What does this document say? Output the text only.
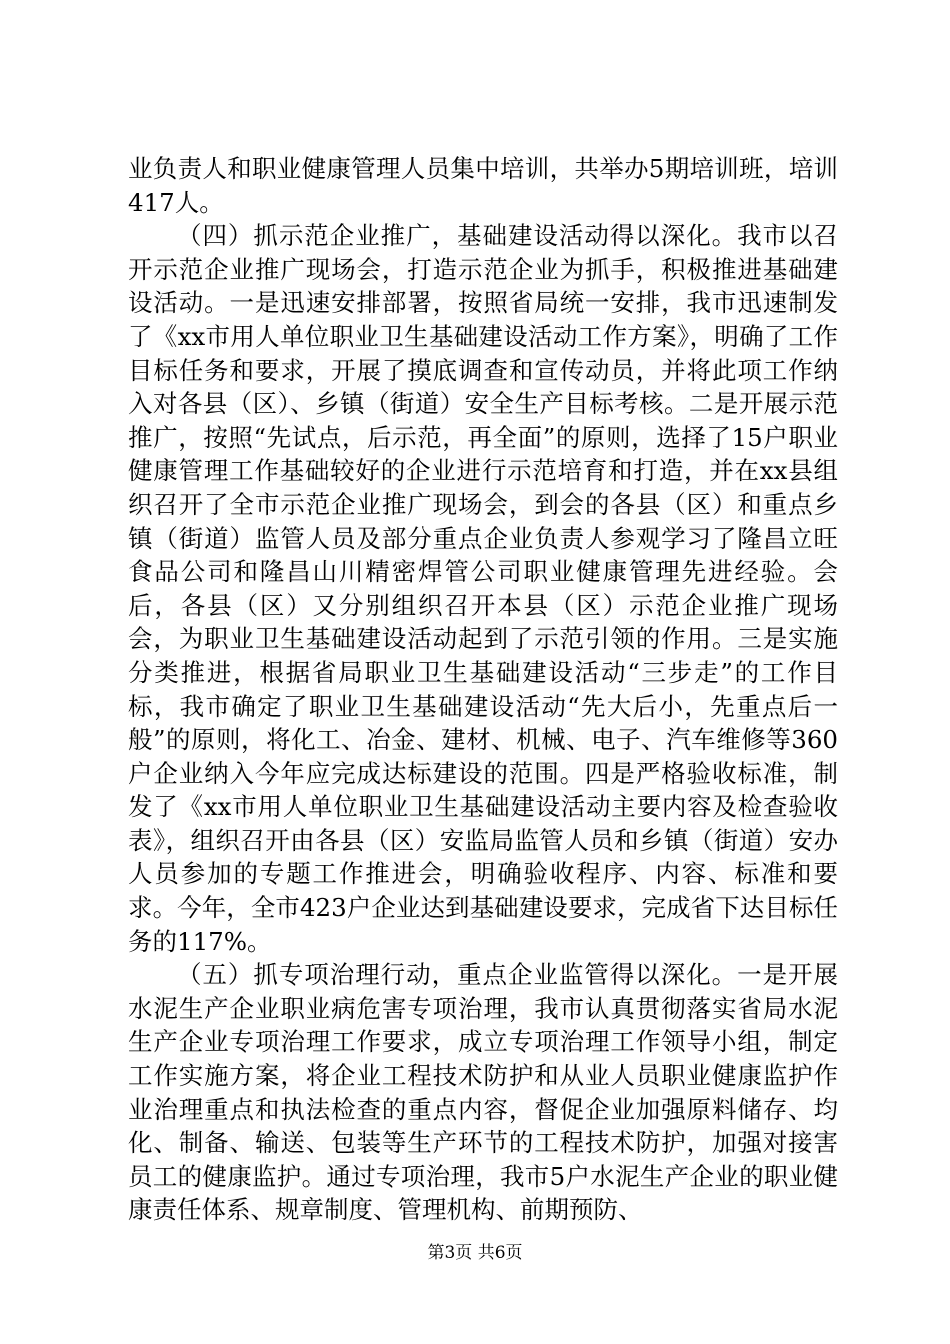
业负责人和职业健康管理人员集中培训，共举办5期培训班，培训417人。

（四）抓示范企业推广，基础建设活动得以深化。我市以召开示范企业推广现场会，打造示范企业为抓手，积极推进基础建设活动。一是迅速安排部署，按照省局统一安排，我市迅速制发了《xx市用人单位职业卫生基础建设活动工作方案》，明确了工作目标任务和要求，开展了摸底调查和宣传动员，并将此项工作纳入对各县（区）、乡镇（街道）安全生产目标考核。二是开展示范推广，按照“先试点，后示范，再全面”的原则，选择了15户职业健康管理工作基础较好的企业进行示范培育和打造，并在xx县组织召开了全市示范企业推广现场会，到会的各县（区）和重点乡镇（街道）监管人员及部分重点企业负责人参观学习了隆昌立旺食品公司和隆昌山川精密焊管公司职业健康管理先进经验。会后，各县（区）又分别组织召开本县（区）示范企业推广现场会，为职业卫生基础建设活动起到了示范引领的作用。三是实施分类推进，根据省局职业卫生基础建设活动“三步走”的工作目标，我市确定了职业卫生基础建设活动“先大后小，先重点后一般”的原则，将化工、冶金、建材、机械、电子、汽车维修等360户企业纳入今年应完成达标建设的范围。四是严格验收标准，制发了《xx市用人单位职业卫生基础建设活动主要内容及检查验收表》，组织召开由各县（区）安监局监管人员和乡镇（街道）安办人员参加的专题工作推进会，明确验收程序、内容、标准和要求。今年，全市423户企业达到基础建设要求，完成省下达目标任务的117%。

（五）抓专项治理行动，重点企业监管得以深化。一是开展水泥生产企业职业病危害专项治理，我市认真贯彻落实省局水泥生产企业专项治理工作要求，成立专项治理工作领导小组，制定工作实施方案，将企业工程技术防护和从业人员职业健康监护作业治理重点和执法检查的重点内容，督促企业加强原料储存、均化、制备、输送、包装等生产环节的工程技术防护，加强对接害员工的健康监护。通过专项治理，我市5户水泥生产企业的职业健康责任体系、规章制度、管理机构、前期预防、

第3页 共6页
